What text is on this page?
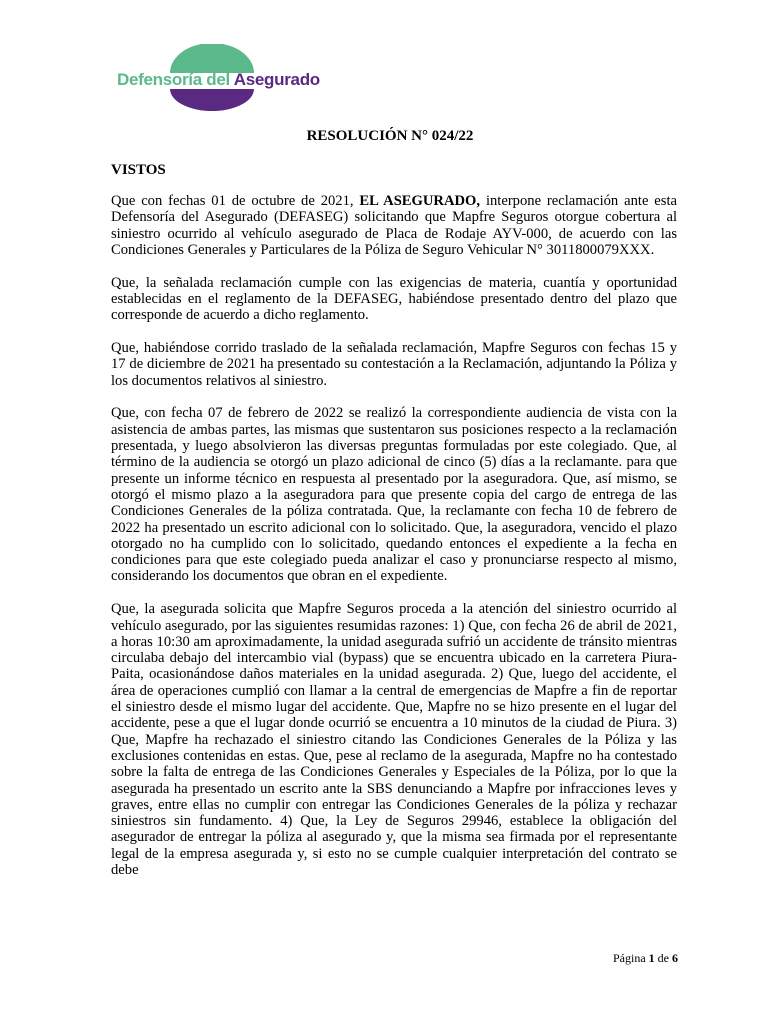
Defensoría del Asegurado
RESOLUCIÓN N° 024/22
VISTOS

Que con fechas 01 de octubre de 2021, EL ASEGURADO, interpone reclamación ante esta Defensoría del Asegurado (DEFASEG) solicitando que Mapfre Seguros otorgue cobertura al siniestro ocurrido al vehículo asegurado de Placa de Rodaje AYV-000, de acuerdo con las Condiciones Generales y Particulares de la Póliza de Seguro Vehicular N° 3011800079XXX.

Que, la señalada reclamación cumple con las exigencias de materia, cuantía y oportunidad establecidas en el reglamento de la DEFASEG, habiéndose presentado dentro del plazo que corresponde de acuerdo a dicho reglamento.

Que, habiéndose corrido traslado de la señalada reclamación, Mapfre Seguros con fechas 15 y 17 de diciembre de 2021 ha presentado su contestación a la Reclamación, adjuntando la Póliza y los documentos relativos al siniestro.

Que, con fecha 07 de febrero de 2022 se realizó la correspondiente audiencia de vista con la asistencia de ambas partes, las mismas que sustentaron sus posiciones respecto a la reclamación presentada, y luego absolvieron las diversas preguntas formuladas por este colegiado. Que, al término de la audiencia se otorgó un plazo adicional de cinco (5) días a la reclamante. para que presente un informe técnico en respuesta al presentado por la aseguradora. Que, así mismo, se otorgó el mismo plazo a la aseguradora para que presente copia del cargo de entrega de las Condiciones Generales de la póliza contratada. Que, la reclamante con fecha 10 de febrero de 2022 ha presentado un escrito adicional con lo solicitado. Que, la aseguradora, vencido el plazo otorgado no ha cumplido con lo solicitado, quedando entonces el expediente a la fecha en condiciones para que este colegiado pueda analizar el caso y pronunciarse respecto al mismo, considerando los documentos que obran en el expediente.

Que, la asegurada solicita que Mapfre Seguros proceda a la atención del siniestro ocurrido al vehículo asegurado, por las siguientes resumidas razones: 1) Que, con fecha 26 de abril de 2021, a horas 10:30 am aproximadamente, la unidad asegurada sufrió un accidente de tránsito mientras circulaba debajo del intercambio vial (bypass) que se encuentra ubicado en la carretera Piura-Paita, ocasionándose daños materiales en la unidad asegurada. 2) Que, luego del accidente, el área de operaciones cumplió con llamar a la central de emergencias de Mapfre a fin de reportar el siniestro desde el mismo lugar del accidente. Que, Mapfre no se hizo presente en el lugar del accidente, pese a que el lugar donde ocurrió se encuentra a 10 minutos de la ciudad de Piura. 3) Que, Mapfre ha rechazado el siniestro citando las Condiciones Generales de la Póliza y las exclusiones contenidas en estas. Que, pese al reclamo de la asegurada, Mapfre no ha contestado sobre la falta de entrega de las Condiciones Generales y Especiales de la Póliza, por lo que la asegurada ha presentado un escrito ante la SBS denunciando a Mapfre por infracciones leves y graves, entre ellas no cumplir con entregar las Condiciones Generales de la póliza y rechazar siniestros sin fundamento. 4) Que, la Ley de Seguros 29946, establece la obligación del asegurador de entregar la póliza al asegurado y, que la misma sea firmada por el representante legal de la empresa asegurada y, si esto no se cumple cualquier interpretación del contrato se debe

Página 1 de 6
